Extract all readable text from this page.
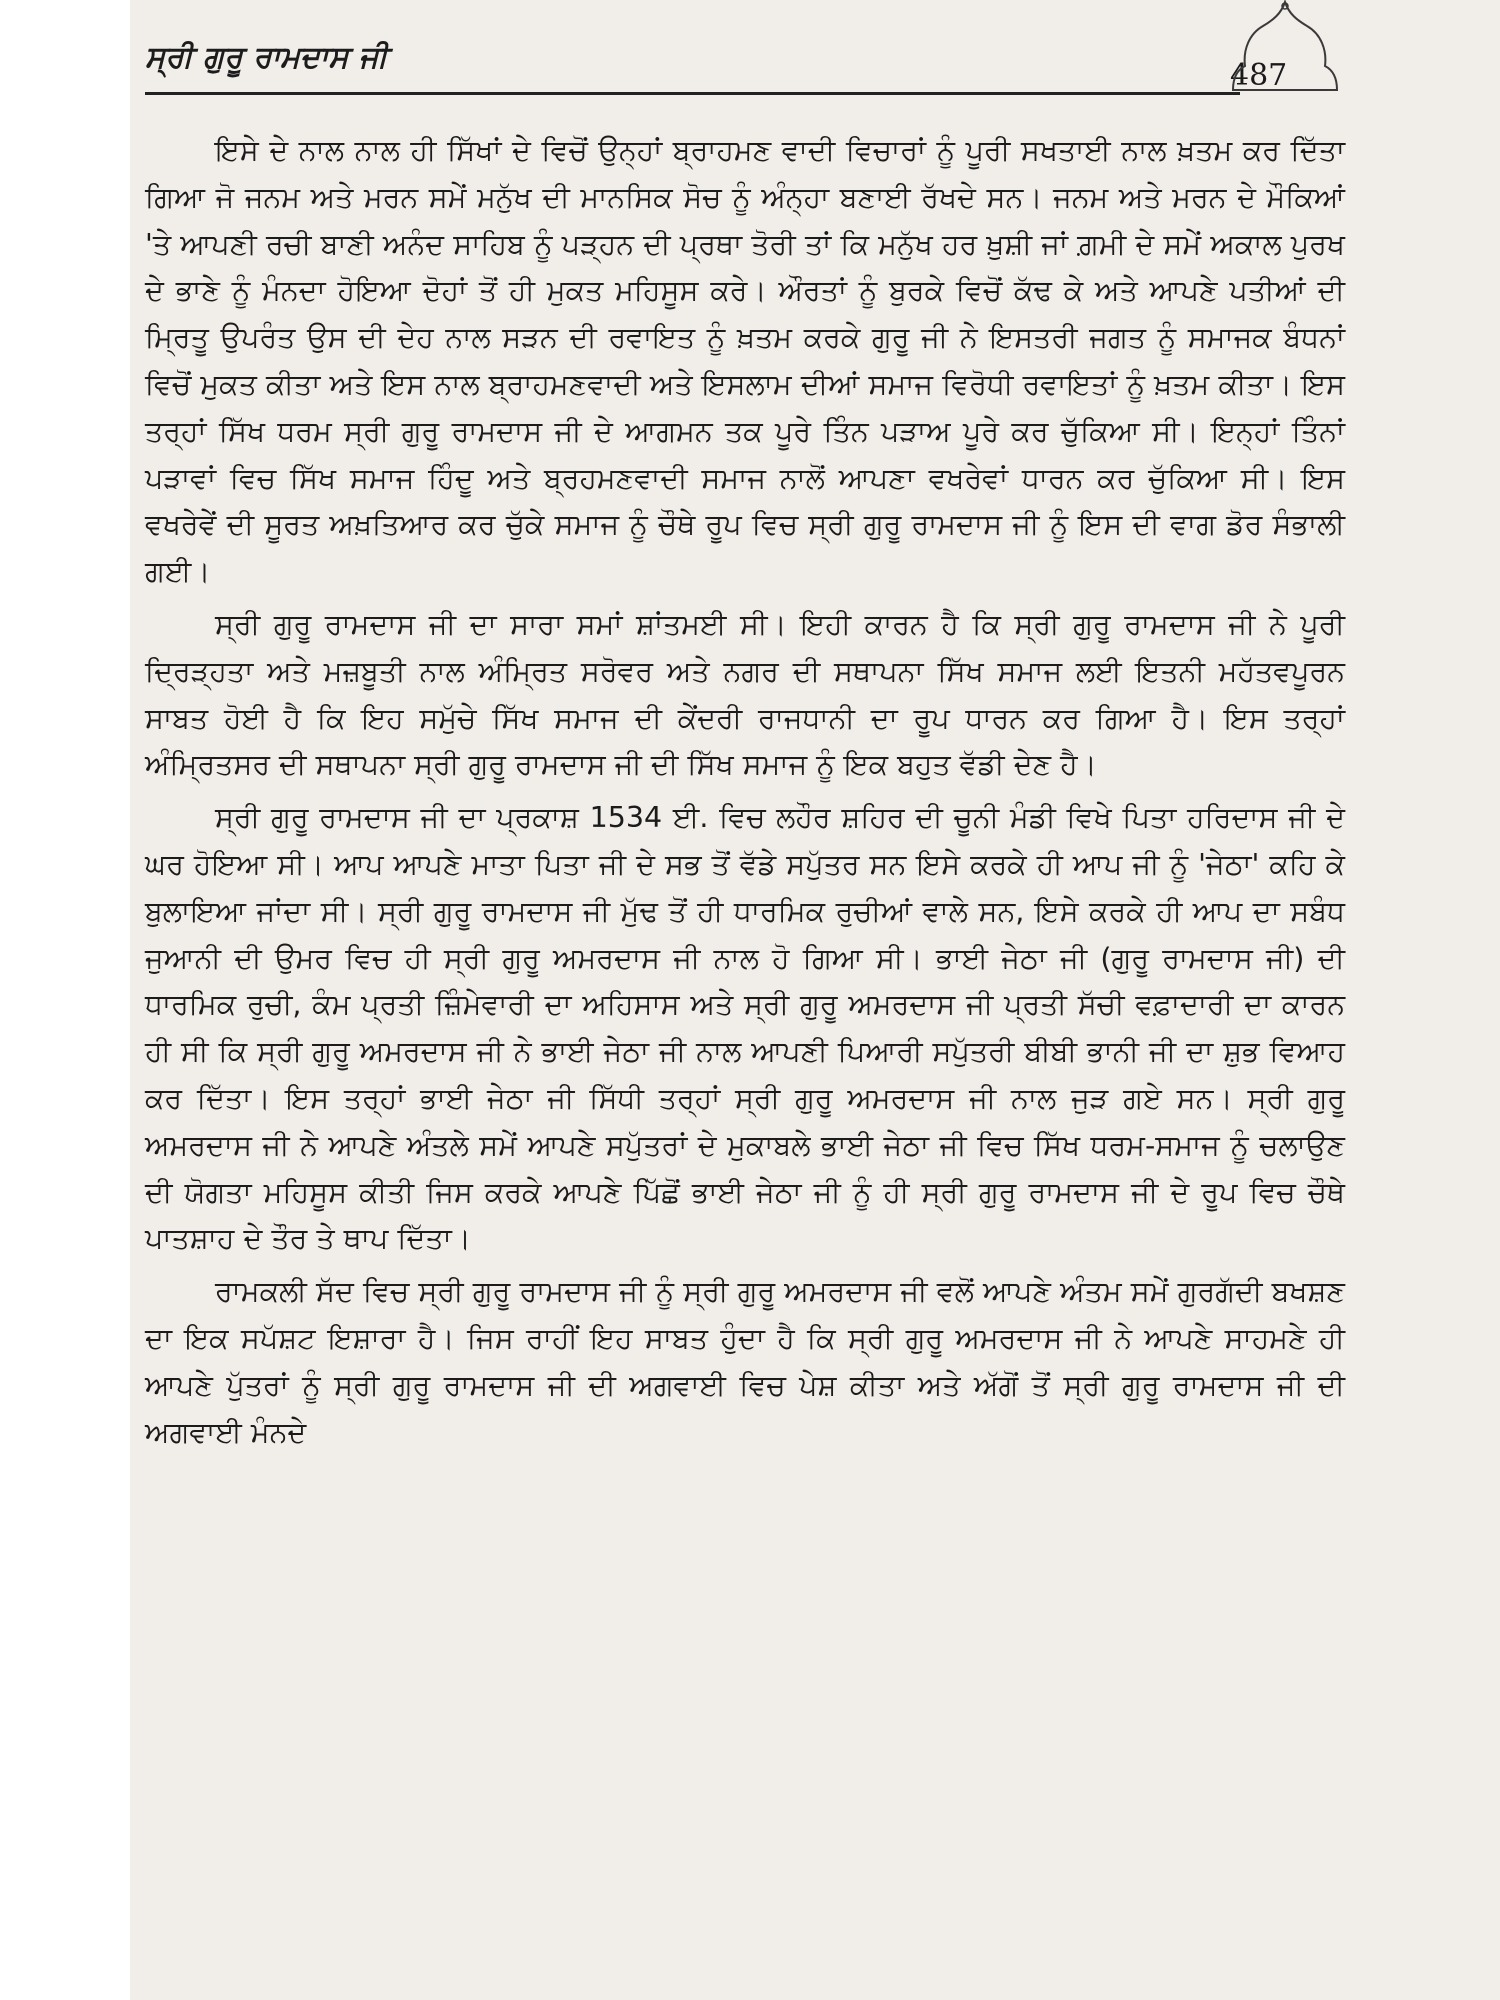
ਸ੍ਰੀ ਗੁਰੂ ਰਾਮਦਾਸ ਜੀ
487

ਇਸੇ ਦੇ ਨਾਲ ਨਾਲ ਹੀ ਸਿੱਖਾਂ ਦੇ ਵਿਚੋਂ ਉਨ੍ਹਾਂ ਬ੍ਰਾਹਮਣ ਵਾਦੀ ਵਿਚਾਰਾਂ ਨੂੰ ਪੂਰੀ ਸਖਤਾਈ ਨਾਲ ਖ਼ਤਮ ਕਰ ਦਿੱਤਾ ਗਿਆ ਜੋ ਜਨਮ ਅਤੇ ਮਰਨ ਸਮੇਂ ਮਨੁੱਖ ਦੀ ਮਾਨਸਿਕ ਸੋਚ ਨੂੰ ਅੰਨ੍ਹਾ ਬਣਾਈ ਰੱਖਦੇ ਸਨ। ਜਨਮ ਅਤੇ ਮਰਨ ਦੇ ਮੌਕਿਆਂ 'ਤੇ ਆਪਣੀ ਰਚੀ ਬਾਣੀ ਅਨੰਦ ਸਾਹਿਬ ਨੂੰ ਪੜ੍ਹਨ ਦੀ ਪ੍ਰਥਾ ਤੋਰੀ ਤਾਂ ਕਿ ਮਨੁੱਖ ਹਰ ਖ਼ੁਸ਼ੀ ਜਾਂ ਗ਼ਮੀ ਦੇ ਸਮੇਂ ਅਕਾਲ ਪੁਰਖ ਦੇ ਭਾਣੇ ਨੂੰ ਮੰਨਦਾ ਹੋਇਆ ਦੋਹਾਂ ਤੋਂ ਹੀ ਮੁਕਤ ਮਹਿਸੂਸ ਕਰੇ। ਔਰਤਾਂ ਨੂੰ ਬੁਰਕੇ ਵਿਚੋਂ ਕੱਢ ਕੇ ਅਤੇ ਆਪਣੇ ਪਤੀਆਂ ਦੀ ਮ੍ਰਿਤੂ ਉਪਰੰਤ ਉਸ ਦੀ ਦੇਹ ਨਾਲ ਸੜਨ ਦੀ ਰਵਾਇਤ ਨੂੰ ਖ਼ਤਮ ਕਰਕੇ ਗੁਰੂ ਜੀ ਨੇ ਇਸਤਰੀ ਜਗਤ ਨੂੰ ਸਮਾਜਕ ਬੰਧਨਾਂ ਵਿਚੋਂ ਮੁਕਤ ਕੀਤਾ ਅਤੇ ਇਸ ਨਾਲ ਬ੍ਰਾਹਮਣਵਾਦੀ ਅਤੇ ਇਸਲਾਮ ਦੀਆਂ ਸਮਾਜ ਵਿਰੋਧੀ ਰਵਾਇਤਾਂ ਨੂੰ ਖ਼ਤਮ ਕੀਤਾ। ਇਸ ਤਰ੍ਹਾਂ ਸਿੱਖ ਧਰਮ ਸ੍ਰੀ ਗੁਰੂ ਰਾਮਦਾਸ ਜੀ ਦੇ ਆਗਮਨ ਤਕ ਪੂਰੇ ਤਿੰਨ ਪੜਾਅ ਪੂਰੇ ਕਰ ਚੁੱਕਿਆ ਸੀ। ਇਨ੍ਹਾਂ ਤਿੰਨਾਂ ਪੜਾਵਾਂ ਵਿਚ ਸਿੱਖ ਸਮਾਜ ਹਿੰਦੂ ਅਤੇ ਬ੍ਰਹਮਣਵਾਦੀ ਸਮਾਜ ਨਾਲੋਂ ਆਪਣਾ ਵਖਰੇਵਾਂ ਧਾਰਨ ਕਰ ਚੁੱਕਿਆ ਸੀ। ਇਸ ਵਖਰੇਵੇਂ ਦੀ ਸੂਰਤ ਅਖ਼ਤਿਆਰ ਕਰ ਚੁੱਕੇ ਸਮਾਜ ਨੂੰ ਚੌਥੇ ਰੂਪ ਵਿਚ ਸ੍ਰੀ ਗੁਰੂ ਰਾਮਦਾਸ ਜੀ ਨੂੰ ਇਸ ਦੀ ਵਾਗ ਡੋਰ ਸੰਭਾਲੀ ਗਈ।

ਸ੍ਰੀ ਗੁਰੂ ਰਾਮਦਾਸ ਜੀ ਦਾ ਸਾਰਾ ਸਮਾਂ ਸ਼ਾਂਤਮਈ ਸੀ। ਇਹੀ ਕਾਰਨ ਹੈ ਕਿ ਸ੍ਰੀ ਗੁਰੂ ਰਾਮਦਾਸ ਜੀ ਨੇ ਪੂਰੀ ਦ੍ਰਿੜ੍ਹਤਾ ਅਤੇ ਮਜ਼ਬੂਤੀ ਨਾਲ ਅੰਮ੍ਰਿਤ ਸਰੋਵਰ ਅਤੇ ਨਗਰ ਦੀ ਸਥਾਪਨਾ ਸਿੱਖ ਸਮਾਜ ਲਈ ਇਤਨੀ ਮਹੱਤਵਪੂਰਨ ਸਾਬਤ ਹੋਈ ਹੈ ਕਿ ਇਹ ਸਮੁੱਚੇ ਸਿੱਖ ਸਮਾਜ ਦੀ ਕੇਂਦਰੀ ਰਾਜਧਾਨੀ ਦਾ ਰੂਪ ਧਾਰਨ ਕਰ ਗਿਆ ਹੈ। ਇਸ ਤਰ੍ਹਾਂ ਅੰਮ੍ਰਿਤਸਰ ਦੀ ਸਥਾਪਨਾ ਸ੍ਰੀ ਗੁਰੂ ਰਾਮਦਾਸ ਜੀ ਦੀ ਸਿੱਖ ਸਮਾਜ ਨੂੰ ਇਕ ਬਹੁਤ ਵੱਡੀ ਦੇਣ ਹੈ।

ਸ੍ਰੀ ਗੁਰੂ ਰਾਮਦਾਸ ਜੀ ਦਾ ਪ੍ਰਕਾਸ਼ 1534 ਈ. ਵਿਚ ਲਹੌਰ ਸ਼ਹਿਰ ਦੀ ਚੂਨੀ ਮੰਡੀ ਵਿਖੇ ਪਿਤਾ ਹਰਿਦਾਸ ਜੀ ਦੇ ਘਰ ਹੋਇਆ ਸੀ। ਆਪ ਆਪਣੇ ਮਾਤਾ ਪਿਤਾ ਜੀ ਦੇ ਸਭ ਤੋਂ ਵੱਡੇ ਸਪੁੱਤਰ ਸਨ ਇਸੇ ਕਰਕੇ ਹੀ ਆਪ ਜੀ ਨੂੰ 'ਜੇਠਾ' ਕਹਿ ਕੇ ਬੁਲਾਇਆ ਜਾਂਦਾ ਸੀ। ਸ੍ਰੀ ਗੁਰੂ ਰਾਮਦਾਸ ਜੀ ਮੁੱਢ ਤੋਂ ਹੀ ਧਾਰਮਿਕ ਰੁਚੀਆਂ ਵਾਲੇ ਸਨ, ਇਸੇ ਕਰਕੇ ਹੀ ਆਪ ਦਾ ਸਬੰਧ ਜੁਆਨੀ ਦੀ ਉਮਰ ਵਿਚ ਹੀ ਸ੍ਰੀ ਗੁਰੂ ਅਮਰਦਾਸ ਜੀ ਨਾਲ ਹੋ ਗਿਆ ਸੀ। ਭਾਈ ਜੇਠਾ ਜੀ (ਗੁਰੂ ਰਾਮਦਾਸ ਜੀ) ਦੀ ਧਾਰਮਿਕ ਰੁਚੀ, ਕੰਮ ਪ੍ਰਤੀ ਜ਼ਿੰਮੇਵਾਰੀ ਦਾ ਅਹਿਸਾਸ ਅਤੇ ਸ੍ਰੀ ਗੁਰੂ ਅਮਰਦਾਸ ਜੀ ਪ੍ਰਤੀ ਸੱਚੀ ਵਫ਼ਾਦਾਰੀ ਦਾ ਕਾਰਨ ਹੀ ਸੀ ਕਿ ਸ੍ਰੀ ਗੁਰੂ ਅਮਰਦਾਸ ਜੀ ਨੇ ਭਾਈ ਜੇਠਾ ਜੀ ਨਾਲ ਆਪਣੀ ਪਿਆਰੀ ਸਪੁੱਤਰੀ ਬੀਬੀ ਭਾਨੀ ਜੀ ਦਾ ਸ਼ੁਭ ਵਿਆਹ ਕਰ ਦਿੱਤਾ। ਇਸ ਤਰ੍ਹਾਂ ਭਾਈ ਜੇਠਾ ਜੀ ਸਿੱਧੀ ਤਰ੍ਹਾਂ ਸ੍ਰੀ ਗੁਰੂ ਅਮਰਦਾਸ ਜੀ ਨਾਲ ਜੁੜ ਗਏ ਸਨ। ਸ੍ਰੀ ਗੁਰੂ ਅਮਰਦਾਸ ਜੀ ਨੇ ਆਪਣੇ ਅੰਤਲੇ ਸਮੇਂ ਆਪਣੇ ਸਪੁੱਤਰਾਂ ਦੇ ਮੁਕਾਬਲੇ ਭਾਈ ਜੇਠਾ ਜੀ ਵਿਚ ਸਿੱਖ ਧਰਮ-ਸਮਾਜ ਨੂੰ ਚਲਾਉਣ ਦੀ ਯੋਗਤਾ ਮਹਿਸੂਸ ਕੀਤੀ ਜਿਸ ਕਰਕੇ ਆਪਣੇ ਪਿੱਛੋਂ ਭਾਈ ਜੇਠਾ ਜੀ ਨੂੰ ਹੀ ਸ੍ਰੀ ਗੁਰੂ ਰਾਮਦਾਸ ਜੀ ਦੇ ਰੂਪ ਵਿਚ ਚੌਥੇ ਪਾਤਸ਼ਾਹ ਦੇ ਤੌਰ ਤੇ ਥਾਪ ਦਿੱਤਾ।

ਰਾਮਕਲੀ ਸੱਦ ਵਿਚ ਸ੍ਰੀ ਗੁਰੂ ਰਾਮਦਾਸ ਜੀ ਨੂੰ ਸ੍ਰੀ ਗੁਰੂ ਅਮਰਦਾਸ ਜੀ ਵਲੋਂ ਆਪਣੇ ਅੰਤਮ ਸਮੇਂ ਗੁਰਗੱਦੀ ਬਖਸ਼ਣ ਦਾ ਇਕ ਸਪੱਸ਼ਟ ਇਸ਼ਾਰਾ ਹੈ। ਜਿਸ ਰਾਹੀਂ ਇਹ ਸਾਬਤ ਹੁੰਦਾ ਹੈ ਕਿ ਸ੍ਰੀ ਗੁਰੂ ਅਮਰਦਾਸ ਜੀ ਨੇ ਆਪਣੇ ਸਾਹਮਣੇ ਹੀ ਆਪਣੇ ਪੁੱਤਰਾਂ ਨੂੰ ਸ੍ਰੀ ਗੁਰੂ ਰਾਮਦਾਸ ਜੀ ਦੀ ਅਗਵਾਈ ਵਿਚ ਪੇਸ਼ ਕੀਤਾ ਅਤੇ ਅੱਗੋਂ ਤੋਂ ਸ੍ਰੀ ਗੁਰੂ ਰਾਮਦਾਸ ਜੀ ਦੀ ਅਗਵਾਈ ਮੰਨਦੇ
